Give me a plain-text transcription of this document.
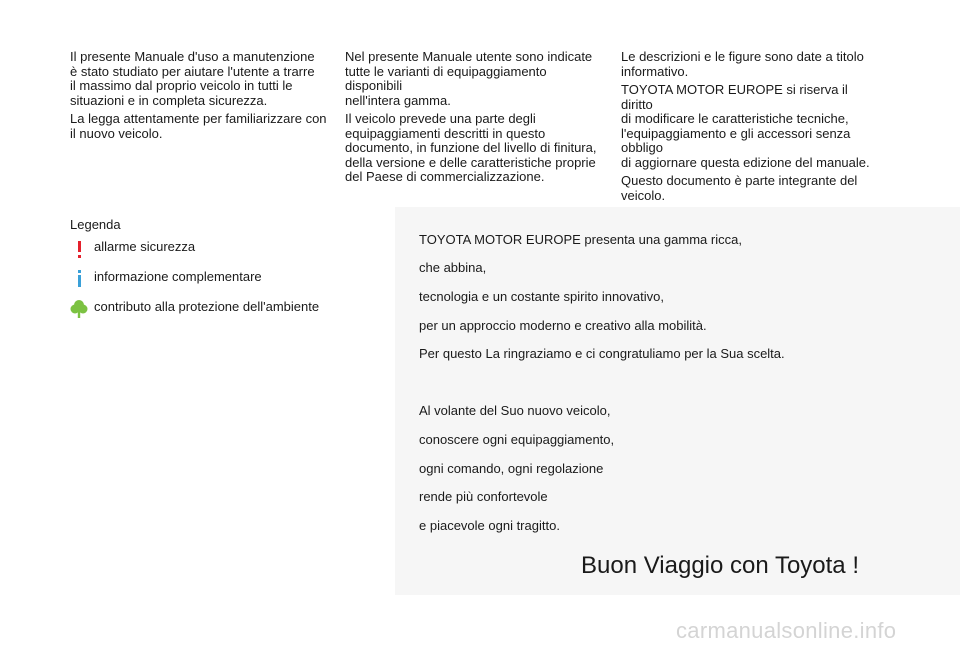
Il presente Manuale d'uso a manutenzione
è stato studiato per aiutare l'utente a trarre
il massimo dal proprio veicolo in tutti le
situazioni e in completa sicurezza.

La legga attentamente per familiarizzare con
il nuovo veicolo.

Nel presente Manuale utente sono indicate
tutte le varianti di equipaggiamento disponibili
nell'intera gamma.

Il veicolo prevede una parte degli
equipaggiamenti descritti in questo
documento, in funzione del livello di finitura,
della versione e delle caratteristiche proprie
del Paese di commercializzazione.

Le descrizioni e le figure sono date a titolo
informativo.

TOYOTA MOTOR EUROPE si riserva il diritto
di modificare le caratteristiche tecniche,
l'equipaggiamento e gli accessori senza obbligo
di aggiornare questa edizione del manuale.

Questo documento è parte integrante del
veicolo.

Legenda
allarme sicurezza
informazione complementare
contributo alla protezione dell'ambiente

TOYOTA MOTOR EUROPE presenta una gamma ricca,

che abbina,

tecnologia e un costante spirito innovativo,

per un approccio moderno e creativo alla mobilità.

Per questo La ringraziamo e ci congratuliamo per la Sua scelta.

Al volante del Suo nuovo veicolo,

conoscere ogni equipaggiamento,

ogni comando, ogni regolazione

rende più confortevole

e piacevole ogni tragitto.

Buon Viaggio con Toyota !
carmanualsonline.info
